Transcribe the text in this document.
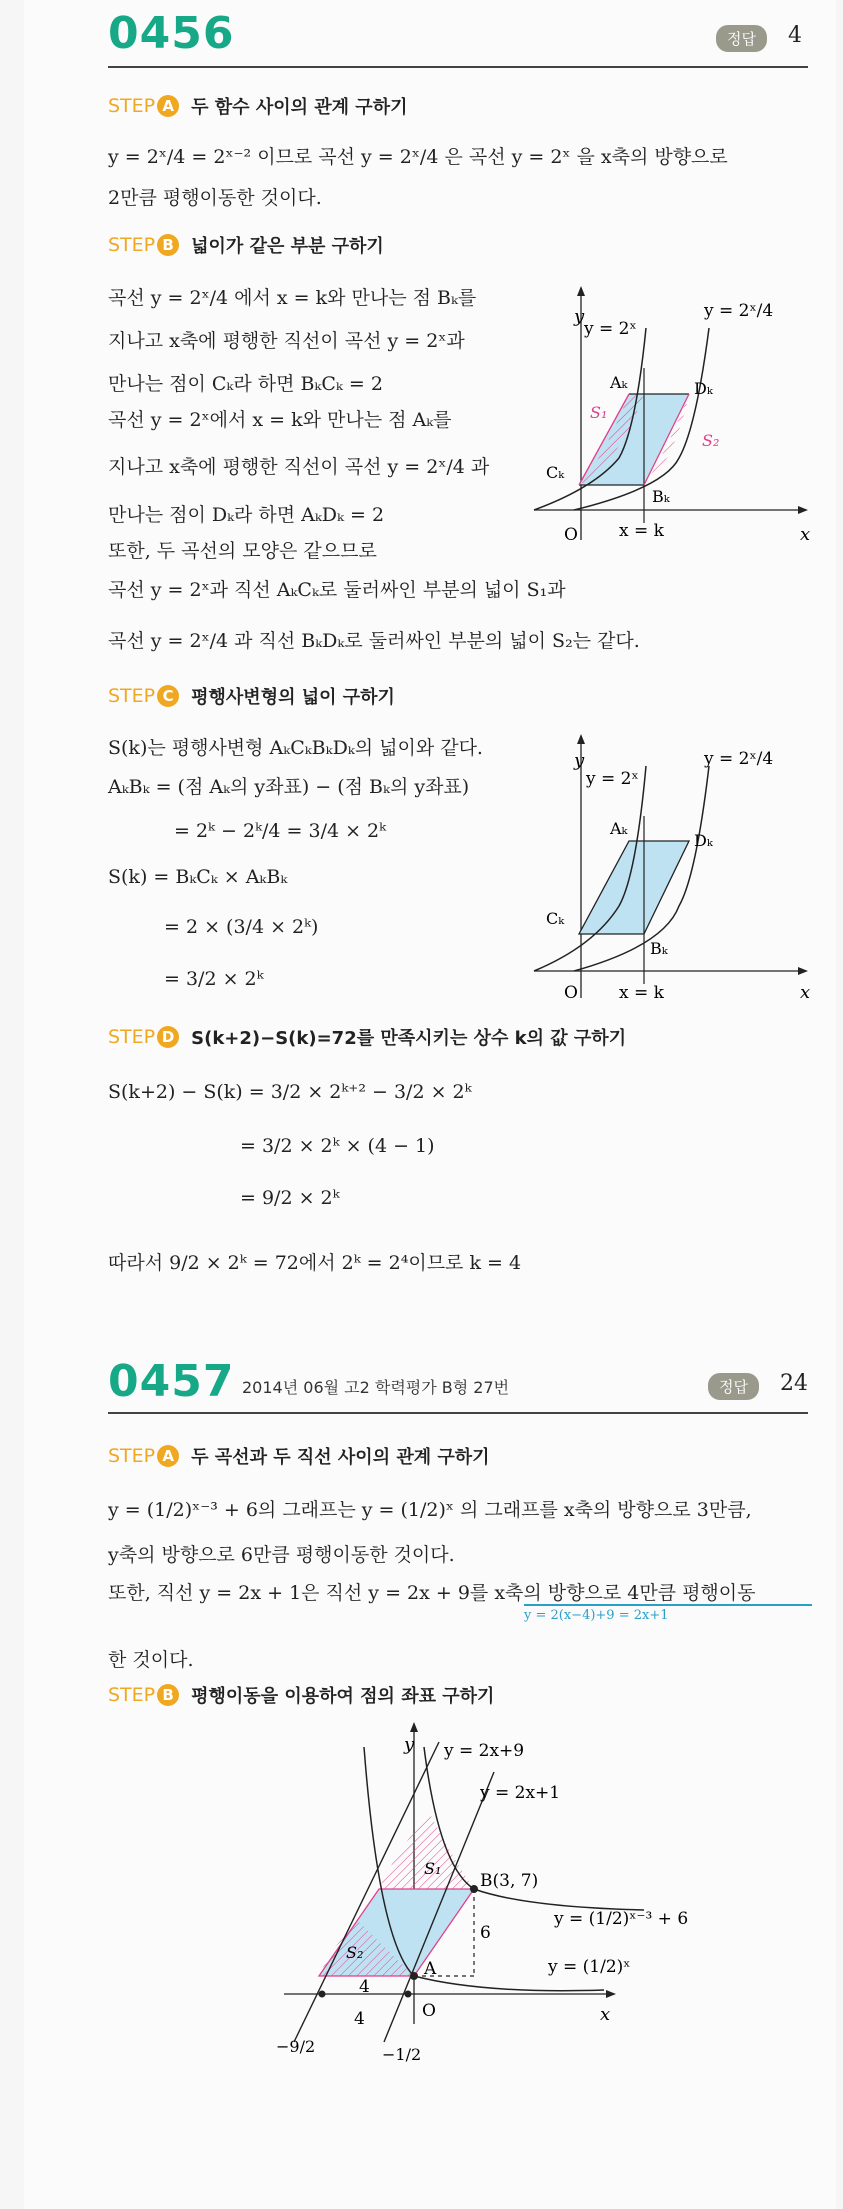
0456	정답	4
STEP A 두 함수 사이의 관계 구하기
y = 2ˣ/4 = 2ˣ⁻² 이므로 곡선 y = 2ˣ/4 은 곡선 y = 2ˣ 을 x축의 방향으로
2만큼 평행이동한 것이다.
STEP B 넓이가 같은 부분 구하기
곡선 y = 2ˣ/4 에서 x = k와 만나는 점 Bₖ를
지나고 x축에 평행한 직선이 곡선 y = 2ˣ과
만나는 점이 Cₖ라 하면 BₖCₖ = 2
곡선 y = 2ˣ에서 x = k와 만나는 점 Aₖ를
지나고 x축에 평행한 직선이 곡선 y = 2ˣ/4 과
만나는 점이 Dₖ라 하면 AₖDₖ = 2
또한, 두 곡선의 모양은 같으므로
곡선 y = 2ˣ과 직선 AₖCₖ로 둘러싸인 부분의 넓이 S₁과
곡선 y = 2ˣ/4 과 직선 BₖDₖ로 둘러싸인 부분의 넓이 S₂는 같다.
y
x
O
y = 2ˣ
y = 2ˣ/4
x = k
Aₖ
Bₖ
Cₖ
Dₖ
S₁
S₂
STEP C 평행사변형의 넓이 구하기
S(k)는 평행사변형 AₖCₖBₖDₖ의 넓이와 같다.
AₖBₖ = (점 Aₖ의 y좌표) − (점 Bₖ의 y좌표)
= 2ᵏ − 2ᵏ/4 = 3/4 × 2ᵏ
S(k) = BₖCₖ × AₖBₖ
= 2 × (3/4 × 2ᵏ)
= 3/2 × 2ᵏ
y
x
O
y = 2ˣ
y = 2ˣ/4
x = k
Aₖ
Bₖ
Cₖ
Dₖ
STEP D S(k+2)−S(k)=72를 만족시키는 상수 k의 값 구하기
S(k+2) − S(k) = 3/2 × 2ᵏ⁺² − 3/2 × 2ᵏ
= 3/2 × 2ᵏ × (4 − 1)
= 9/2 × 2ᵏ
따라서 9/2 × 2ᵏ = 72에서 2ᵏ = 2⁴이므로 k = 4
0457 2014년 06월 고2 학력평가 B형 27번	정답	24
STEP A 두 곡선과 두 직선 사이의 관계 구하기
y = (1/2)ˣ⁻³ + 6의 그래프는 y = (1/2)ˣ 의 그래프를 x축의 방향으로 3만큼,
y축의 방향으로 6만큼 평행이동한 것이다.
또한, 직선 y = 2x + 1은 직선 y = 2x + 9를 x축의 방향으로 4만큼 평행이동
y = 2(x−4)+9 = 2x+1
한 것이다.
STEP B 평행이동을 이용하여 점의 좌표 구하기
y
x
O
y = 2x+9
y = 2x+1
y = (1/2)ˣ⁻³ + 6
y = (1/2)ˣ
B(3, 7)
A
6
4
4
−9/2	−1/2
S₁
S₂
